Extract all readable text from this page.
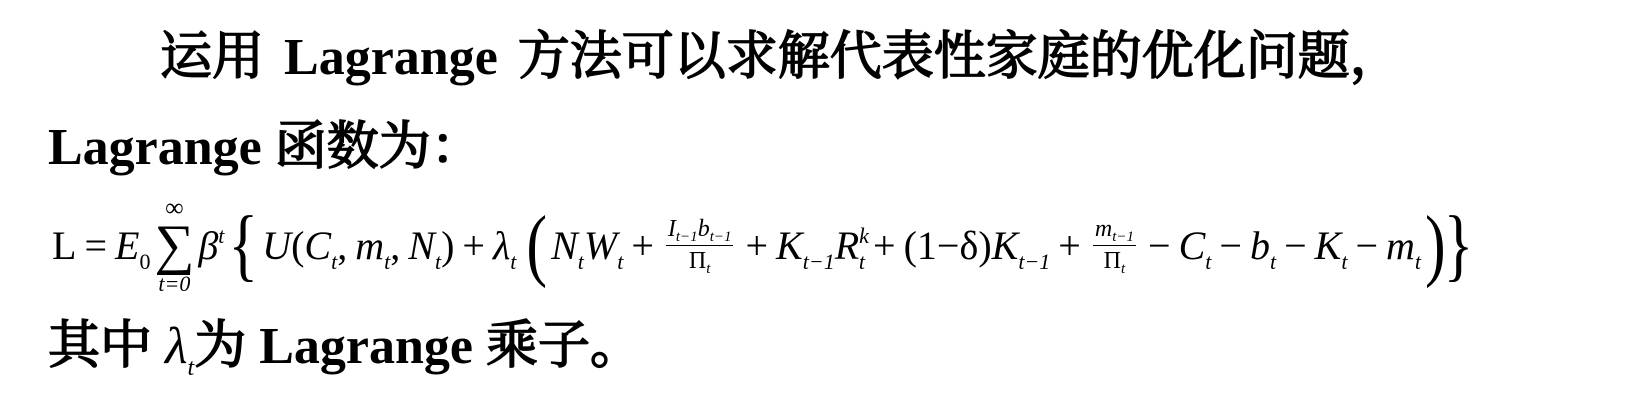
运用 Lagrange 方法可以求解代表性家庭的优化问题，
Lagrange 函数为：
$L = E_0$
∞
∑
t=0
$\beta^t$ { U ( $C_t$ ,  $m_t$ ,  $N_t$ ) + $\lambda_t$ ( $N_t$ $W_t + \frac{I_{t-1}b_{t-1}}{\Pi_t} + K_{t-1}$ $R^k_t + (1-\delta) K_{t-1} + \frac{m_{t-1}}{\Pi_t} - C_t - b_t - K_t - m_t$ )
}
其中 $\lambda_t$为 Lagrange 乘子。
